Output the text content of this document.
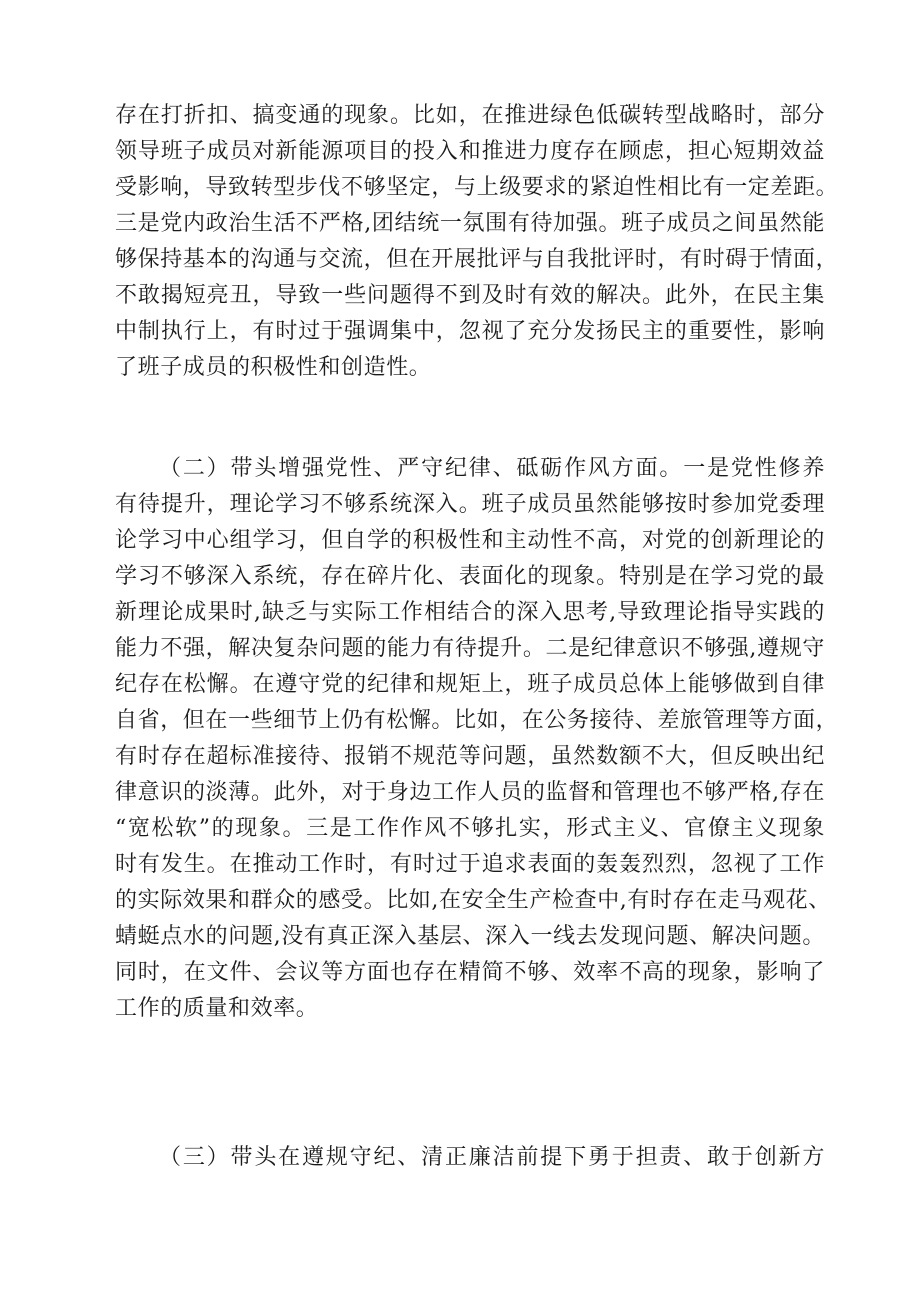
存在打折扣、搞变通的现象。比如，在推进绿色低碳转型战略时，部分
领导班子成员对新能源项目的投入和推进力度存在顾虑，担心短期效益
受影响，导致转型步伐不够坚定，与上级要求的紧迫性相比有一定差距。
三是党内政治生活不严格,团结统一氛围有待加强。班子成员之间虽然能
够保持基本的沟通与交流，但在开展批评与自我批评时，有时碍于情面，
不敢揭短亮丑，导致一些问题得不到及时有效的解决。此外，在民主集
中制执行上，有时过于强调集中，忽视了充分发扬民主的重要性，影响
了班子成员的积极性和创造性。
（二）带头增强党性、严守纪律、砥砺作风方面。一是党性修养
有待提升，理论学习不够系统深入。班子成员虽然能够按时参加党委理
论学习中心组学习，但自学的积极性和主动性不高，对党的创新理论的
学习不够深入系统，存在碎片化、表面化的现象。特别是在学习党的最
新理论成果时,缺乏与实际工作相结合的深入思考,导致理论指导实践的
能力不强，解决复杂问题的能力有待提升。二是纪律意识不够强,遵规守
纪存在松懈。在遵守党的纪律和规矩上，班子成员总体上能够做到自律
自省，但在一些细节上仍有松懈。比如，在公务接待、差旅管理等方面，
有时存在超标准接待、报销不规范等问题，虽然数额不大，但反映出纪
律意识的淡薄。此外，对于身边工作人员的监督和管理也不够严格,存在
“宽松软”的现象。三是工作作风不够扎实，形式主义、官僚主义现象
时有发生。在推动工作时，有时过于追求表面的轰轰烈烈，忽视了工作
的实际效果和群众的感受。比如,在安全生产检查中,有时存在走马观花、
蜻蜓点水的问题,没有真正深入基层、深入一线去发现问题、解决问题。
同时，在文件、会议等方面也存在精简不够、效率不高的现象，影响了
工作的质量和效率。
（三）带头在遵规守纪、清正廉洁前提下勇于担责、敢于创新方
